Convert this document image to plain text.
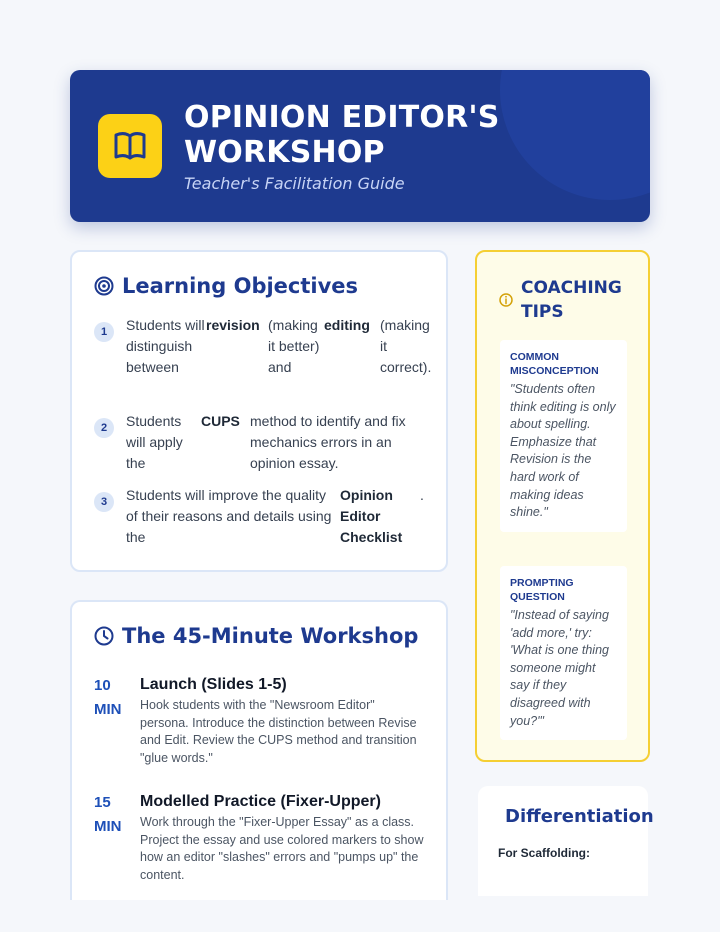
OPINION EDITOR'S WORKSHOP
Teacher's Facilitation Guide
Learning Objectives
1	Students will distinguish between
revision (making it better) and
editing (making it correct).
2	Students will apply the
CUPS method to identify and fix mechanics errors in an opinion essay.
3	Students will improve the quality of their reasons and details using the
Opinion Editor Checklist
.
The 45-Minute Workshop
10
MIN
Launch (Slides 1-5)

Hook students with the "Newsroom Editor" persona. Introduce the distinction between Revise and Edit. Review the CUPS method and transition "glue words."

15
MIN
Modelled Practice (Fixer-Upper)

Work through the "Fixer-Upper Essay" as a class. Project the essay and use colored markers to show how an editor "slashes" errors and "pumps up" the content.

COACHING TIPS
COMMON MISCONCEPTION
"Students often think editing is only about spelling. Emphasize that Revision is the hard work of making ideas shine."
PROMPTING QUESTION
"Instead of saying 'add more,' try: 'What is one thing someone might say if they disagreed with you?'"
Differentiation
For Scaffolding:
